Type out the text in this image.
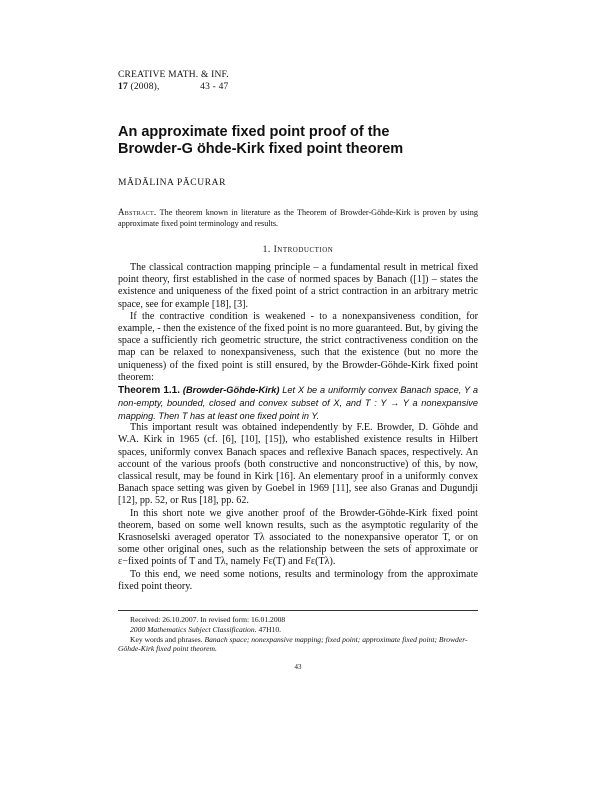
CREATIVE MATH. & INF.
17 (2008),	43 - 47
An approximate fixed point proof of the
Browder-G öhde-Kirk fixed point theorem
MĂDĂLINA PĂCURAR
Abstract. The theorem known in literature as the Theorem of Browder-Göhde-Kirk is proven by using approximate fixed point terminology and results.
1. Introduction

The classical contraction mapping principle – a fundamental result in metrical fixed point theory, first established in the case of normed spaces by Banach ([1]) – states the existence and uniqueness of the fixed point of a strict contraction in an arbitrary metric space, see for example [18], [3].

If the contractive condition is weakened - to a nonexpansiveness condition, for example, - then the existence of the fixed point is no more guaranteed. But, by giving the space a sufficiently rich geometric structure, the strict contractiveness condition on the map can be relaxed to nonexpansiveness, such that the existence (but no more the uniqueness) of the fixed point is still ensured, by the Browder-Göhde-Kirk fixed point theorem:

Theorem 1.1. (Browder-Göhde-Kirk) Let X be a uniformly convex Banach space, Y a non-empty, bounded, closed and convex subset of X, and T : Y → Y a nonexpansive mapping. Then T has at least one fixed point in Y.

This important result was obtained independently by F.E. Browder, D. Göhde and W.A. Kirk in 1965 (cf. [6], [10], [15]), who established existence results in Hilbert spaces, uniformly convex Banach spaces and reflexive Banach spaces, respectively. An account of the various proofs (both constructive and nonconstructive) of this, by now, classical result, may be found in Kirk [16]. An elementary proof in a uniformly convex Banach space setting was given by Goebel in 1969 [11], see also Granas and Dugundji [12], pp. 52, or Rus [18], pp. 62.

In this short note we give another proof of the Browder-Göhde-Kirk fixed point theorem, based on some well known results, such as the asymptotic regularity of the Krasnoselski averaged operator Tλ associated to the nonexpansive operator T, or on some other original ones, such as the relationship between the sets of approximate or ε−fixed points of T and Tλ, namely Fε(T) and Fε(Tλ).

To this end, we need some notions, results and terminology from the approximate fixed point theory.

Received: 26.10.2007. In revised form: 16.01.2008

2000 Mathematics Subject Classification. 47H10.

Key words and phrases. Banach space; nonexpansive mapping; fixed point; approximate fixed point; Browder-Göhde-Kirk fixed point theorem.

43
